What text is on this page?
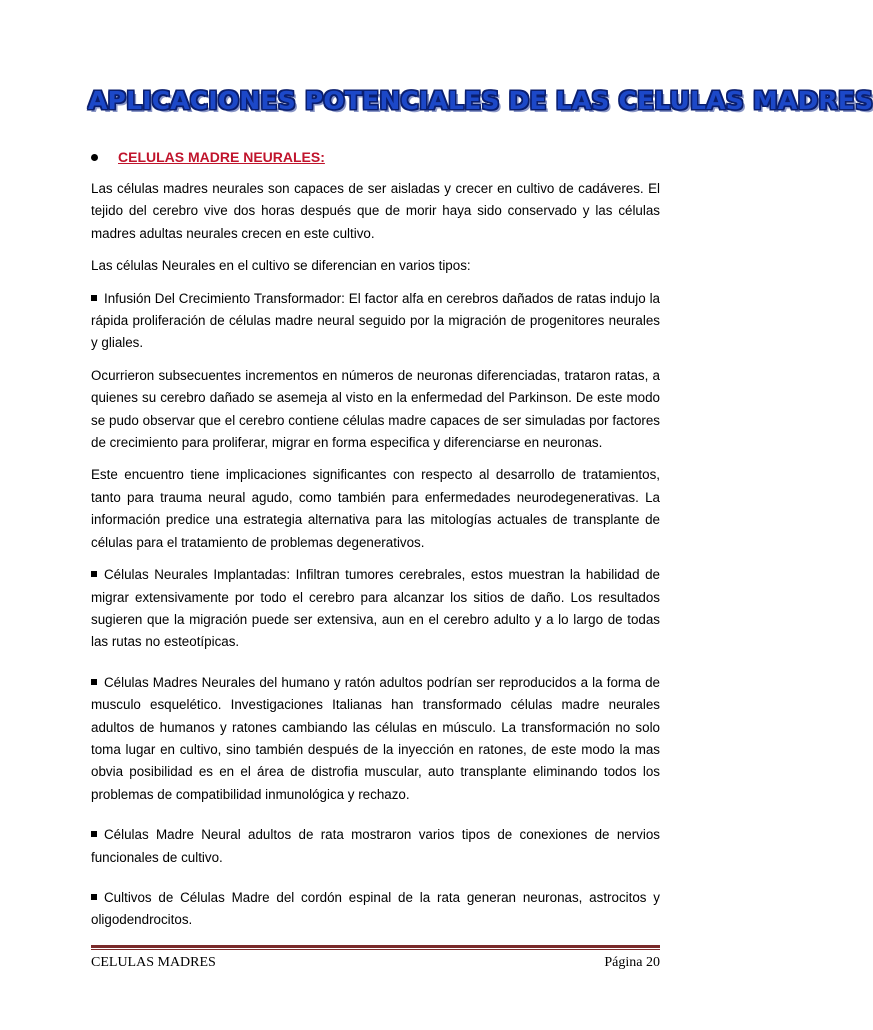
APLICACIONES POTENCIALES DE LAS CELULAS MADRES
CELULAS MADRE NEURALES:

Las células madres neurales son capaces de ser aisladas y crecer en cultivo de cadáveres. El tejido del cerebro vive dos horas después que de morir haya sido conservado y las células madres adultas neurales crecen en este cultivo.

Las células Neurales en el cultivo se diferencian en varios tipos:

Infusión Del Crecimiento Transformador: El factor alfa en cerebros dañados de ratas indujo la rápida proliferación de células madre neural seguido por la migración de progenitores neurales y gliales.

Ocurrieron subsecuentes incrementos en números de neuronas diferenciadas, trataron ratas, a quienes su cerebro dañado se asemeja al visto en la enfermedad del Parkinson. De este modo se pudo observar que el cerebro contiene células madre capaces de ser simuladas por factores de crecimiento para proliferar, migrar en forma especifica y diferenciarse en neuronas.

Este encuentro tiene implicaciones significantes con respecto al desarrollo de tratamientos, tanto para trauma neural agudo, como también para enfermedades neurodegenerativas. La información predice una estrategia alternativa para las mitologías actuales de transplante de células para el tratamiento de problemas degenerativos.

Células Neurales Implantadas: Infiltran tumores cerebrales, estos muestran la habilidad de migrar extensivamente por todo el cerebro para alcanzar los sitios de daño. Los resultados sugieren que la migración puede ser extensiva, aun en el cerebro adulto y a lo largo de todas las rutas no esteotípicas.

Células Madres Neurales del humano y ratón adultos podrían ser reproducidos a la forma de musculo esquelético. Investigaciones Italianas han transformado células madre neurales adultos de humanos y ratones cambiando las células en músculo. La transformación no solo toma lugar en cultivo, sino también después de la inyección en ratones, de este modo la mas obvia posibilidad es en el área de distrofia muscular, auto transplante eliminando todos los problemas de compatibilidad inmunológica y rechazo.

Células Madre Neural adultos de rata mostraron varios tipos de conexiones de nervios funcionales de cultivo.

Cultivos de Células Madre del cordón espinal de la rata generan neuronas, astrocitos y oligodendrocitos.

CELULAS MADRES	Página 20
